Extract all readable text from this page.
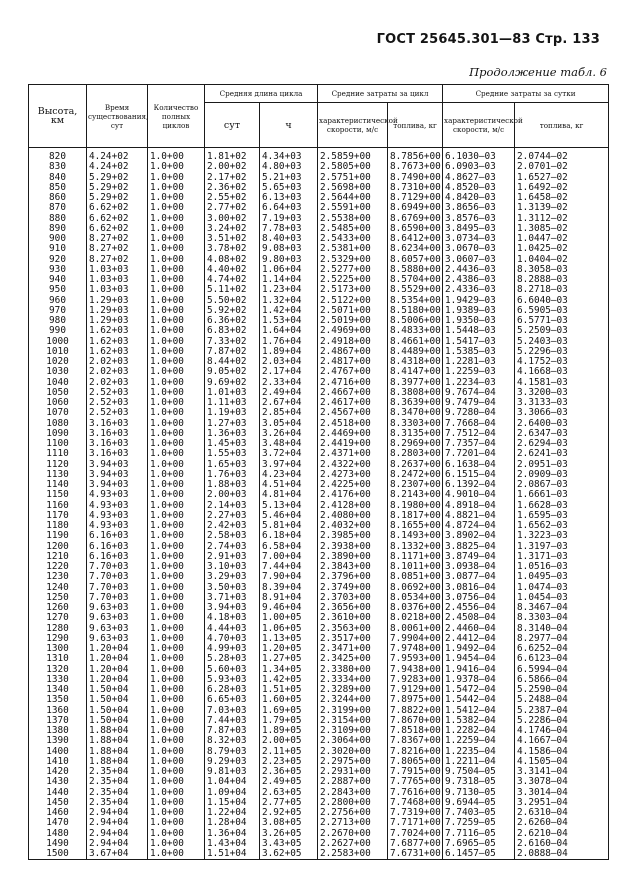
ГОСТ 25645.301—83 Стр. 133
Продолжение табл. 6
Высота, км	Время существования, сут	Количество полных циклов	Средняя длина цикла		Средние затраты за цикл		Средние затраты за сутки	
			сут	ч	характеристической скорости, м/с	топлива, кг	характеристической скорости, м/с	топлива, кг
820	4.24+02	1.0+00	1.81+02	4.34+03	2.5859+00	8.7856+00	6.1030—03	2.0744—02
830	4.24+02	1.0+00	2.00+02	4.80+03	2.5805+00	8.7673+00	6.0903—03	2.0701—02
840	5.29+02	1.0+00	2.17+02	5.21+03	2.5751+00	8.7490+00	4.8627—03	1.6527—02
850	5.29+02	1.0+00	2.36+02	5.65+03	2.5698+00	8.7310+00	4.8520—03	1.6492—02
860	5.29+02	1.0+00	2.55+02	6.13+03	2.5644+00	8.7129+00	4.8420—03	1.6458—02
870	6.62+02	1.0+00	2.77+02	6.64+03	2.5591+00	8.6949+00	3.8656—03	1.3139—02
880	6.62+02	1.0+00	3.00+02	7.19+03	2.5538+00	8.6769+00	3.8576—03	1.3112—02
890	6.62+02	1.0+00	3.24+02	7.78+03	2.5485+00	8.6590+00	3.8495—03	1.3085—02
900	8.27+02	1.0+00	3.51+02	8.40+03	2.5433+00	8.6412+00	3.0734—03	1.0447—02
910	8.27+02	1.0+00	3.78+02	9.08+03	2.5381+00	8.6234+00	3.0670—03	1.0425—02
920	8.27+02	1.0+00	4.08+02	9.80+03	2.5329+00	8.6057+00	3.0607—03	1.0404—02
930	1.03+03	1.0+00	4.40+02	1.06+04	2.5277+00	8.5880+00	2.4436—03	8.3058—03
940	1.03+03	1.0+00	4.74+02	1.14+04	2.5225+00	8.5704+00	2.4386—03	8.2888—03
950	1.03+03	1.0+00	5.11+02	1.23+04	2.5173+00	8.5529+00	2.4336—03	8.2718—03
960	1.29+03	1.0+00	5.50+02	1.32+04	2.5122+00	8.5354+00	1.9429—03	6.6040—03
970	1.29+03	1.0+00	5.92+02	1.42+04	2.5071+00	8.5180+00	1.9389—03	6.5905—03
980	1.29+03	1.0+00	6.36+02	1.53+04	2.5019+00	8.5006+00	1.9350—03	6.5771—03
990	1.62+03	1.0+00	6.83+02	1.64+04	2.4969+00	8.4833+00	1.5448—03	5.2509—03
1000	1.62+03	1.0+00	7.33+02	1.76+04	2.4918+00	8.4661+00	1.5417—03	5.2403—03
1010	1.62+03	1.0+00	7.87+02	1.89+04	2.4867+00	8.4489+00	1.5385—03	5.2296—03
1020	2.02+03	1.0+00	8.44+02	2.03+04	2.4817+00	8.4318+00	1.2281—03	4.1752—03
1030	2.02+03	1.0+00	9.05+02	2.17+04	2.4767+00	8.4147+00	1.2259—03	4.1668—03
1040	2.02+03	1.0+00	9.69+02	2.33+04	2.4716+00	8.3977+00	1.2234—03	4.1581—03
1050	2.52+03	1.0+00	1.01+03	2.49+04	2.4667+00	8.3808+00	9.7674—04	3.3200—03
1060	2.52+03	1.0+00	1.11+03	2.67+04	2.4617+00	8.3639+00	9.7479—04	3.3133—03
1070	2.52+03	1.0+00	1.19+03	2.85+04	2.4567+00	8.3470+00	9.7280—04	3.3066—03
1080	3.16+03	1.0+00	1.27+03	3.05+04	2.4518+00	8.3303+00	7.7668—04	2.6400—03
1090	3.16+03	1.0+00	1.36+03	3.26+04	2.4469+00	8.3135+00	7.7512—04	2.6347—03
1100	3.16+03	1.0+00	1.45+03	3.48+04	2.4419+00	8.2969+00	7.7357—04	2.6294—03
1110	3.16+03	1.0+00	1.55+03	3.72+04	2.4371+00	8.2803+00	7.7201—04	2.6241—03
1120	3.94+03	1.0+00	1.65+03	3.97+04	2.4322+00	8.2637+00	6.1638—04	2.0951—03
1130	3.94+03	1.0+00	1.76+03	4.23+04	2.4273+00	8.2472+00	6.1515—04	2.0909—03
1140	3.94+03	1.0+00	1.88+03	4.51+04	2.4225+00	8.2307+00	6.1392—04	2.0867—03
1150	4.93+03	1.0+00	2.00+03	4.81+04	2.4176+00	8.2143+00	4.9010—04	1.6661—03
1160	4.93+03	1.0+00	2.14+03	5.13+04	2.4128+00	8.1980+00	4.8918—04	1.6628—03
1170	4.93+03	1.0+00	2.27+03	5.46+04	2.4080+00	8.1817+00	4.8821—04	1.6595—03
1180	4.93+03	1.0+00	2.42+03	5.81+04	2.4032+00	8.1655+00	4.8724—04	1.6562—03
1190	6.16+03	1.0+00	2.58+03	6.18+04	2.3985+00	8.1493+00	3.8902—04	1.3223—03
1200	6.16+03	1.0+00	2.74+03	6.58+04	2.3938+00	8.1332+00	3.8825—04	1.3197—03
1210	6.16+03	1.0+00	2.91+03	7.00+04	2.3890+00	8.1171+00	3.8749—04	1.3171—03
1220	7.70+03	1.0+00	3.10+03	7.44+04	2.3843+00	8.1011+00	3.0938—04	1.0516—03
1230	7.70+03	1.0+00	3.29+03	7.90+04	2.3796+00	8.0851+00	3.0877—04	1.0495—03
1240	7.70+03	1.0+00	3.50+03	8.39+04	2.3749+00	8.0692+00	3.0816—04	1.0474—03
1250	7.70+03	1.0+00	3.71+03	8.91+04	2.3703+00	8.0534+00	3.0756—04	1.0454—03
1260	9.63+03	1.0+00	3.94+03	9.46+04	2.3656+00	8.0376+00	2.4556—04	8.3467—04
1270	9.63+03	1.0+00	4.18+03	1.00+05	2.3610+00	8.0218+00	2.4508—04	8.3303—04
1280	9.63+03	1.0+00	4.44+03	1.06+05	2.3563+00	8.0061+00	2.4460—04	8.3140—04
1290	9.63+03	1.0+00	4.70+03	1.13+05	2.3517+00	7.9904+00	2.4412—04	8.2977—04
1300	1.20+04	1.0+00	4.99+03	1.20+05	2.3471+00	7.9748+00	1.9492—04	6.6252—04
1310	1.20+04	1.0+00	5.28+03	1.27+05	2.3425+00	7.9593+00	1.9454—04	6.6123—04
1320	1.20+04	1.0+00	5.60+03	1.34+05	2.3380+00	7.9438+00	1.9416—04	6.5994—04
1330	1.20+04	1.0+00	5.93+03	1.42+05	2.3334+00	7.9283+00	1.9378—04	6.5866—04
1340	1.50+04	1.0+00	6.28+03	1.51+05	2.3289+00	7.9129+00	1.5472—04	5.2590—04
1350	1.50+04	1.0+00	6.65+03	1.60+05	2.3244+00	7.8975+00	1.5442—04	5.2488—04
1360	1.50+04	1.0+00	7.03+03	1.69+05	2.3199+00	7.8822+00	1.5412—04	5.2387—04
1370	1.50+04	1.0+00	7.44+03	1.79+05	2.3154+00	7.8670+00	1.5382—04	5.2286—04
1380	1.88+04	1.0+00	7.87+03	1.89+05	2.3109+00	7.8518+00	1.2282—04	4.1746—04
1390	1.88+04	1.0+00	8.32+03	2.00+05	2.3064+00	7.8367+00	1.2259—04	4.1667—04
1400	1.88+04	1.0+00	8.79+03	2.11+05	2.3020+00	7.8216+00	1.2235—04	4.1586—04
1410	1.88+04	1.0+00	9.29+03	2.23+05	2.2975+00	7.8065+00	1.2211—04	4.1505—04
1420	2.35+04	1.0+00	9.81+03	2.36+05	2.2931+00	7.7915+00	9.7504—05	3.3141—04
1430	2.35+04	1.0+00	1.04+04	2.49+05	2.2887+00	7.7765+00	9.7318—05	3.3078—04
1440	2.35+04	1.0+00	1.09+04	2.63+05	2.2843+00	7.7616+00	9.7130—05	3.3014—04
1450	2.35+04	1.0+00	1.15+04	2.77+05	2.2800+00	7.7468+00	9.6944—05	3.2951—04
1460	2.94+04	1.0+00	1.22+04	2.92+05	2.2756+00	7.7319+00	7.7403—05	2.6310—04
1470	2.94+04	1.0+00	1.28+04	3.08+05	2.2713+00	7.7171+00	7.7259—05	2.6260—04
1480	2.94+04	1.0+00	1.36+04	3.26+05	2.2670+00	7.7024+00	7.7116—05	2.6210—04
1490	2.94+04	1.0+00	1.43+04	3.43+05	2.2627+00	7.6877+00	7.6965—05	2.6160—04
1500	3.67+04	1.0+00	1.51+04	3.62+05	2.2583+00	7.6731+00	6.1457—05	2.0888—04
